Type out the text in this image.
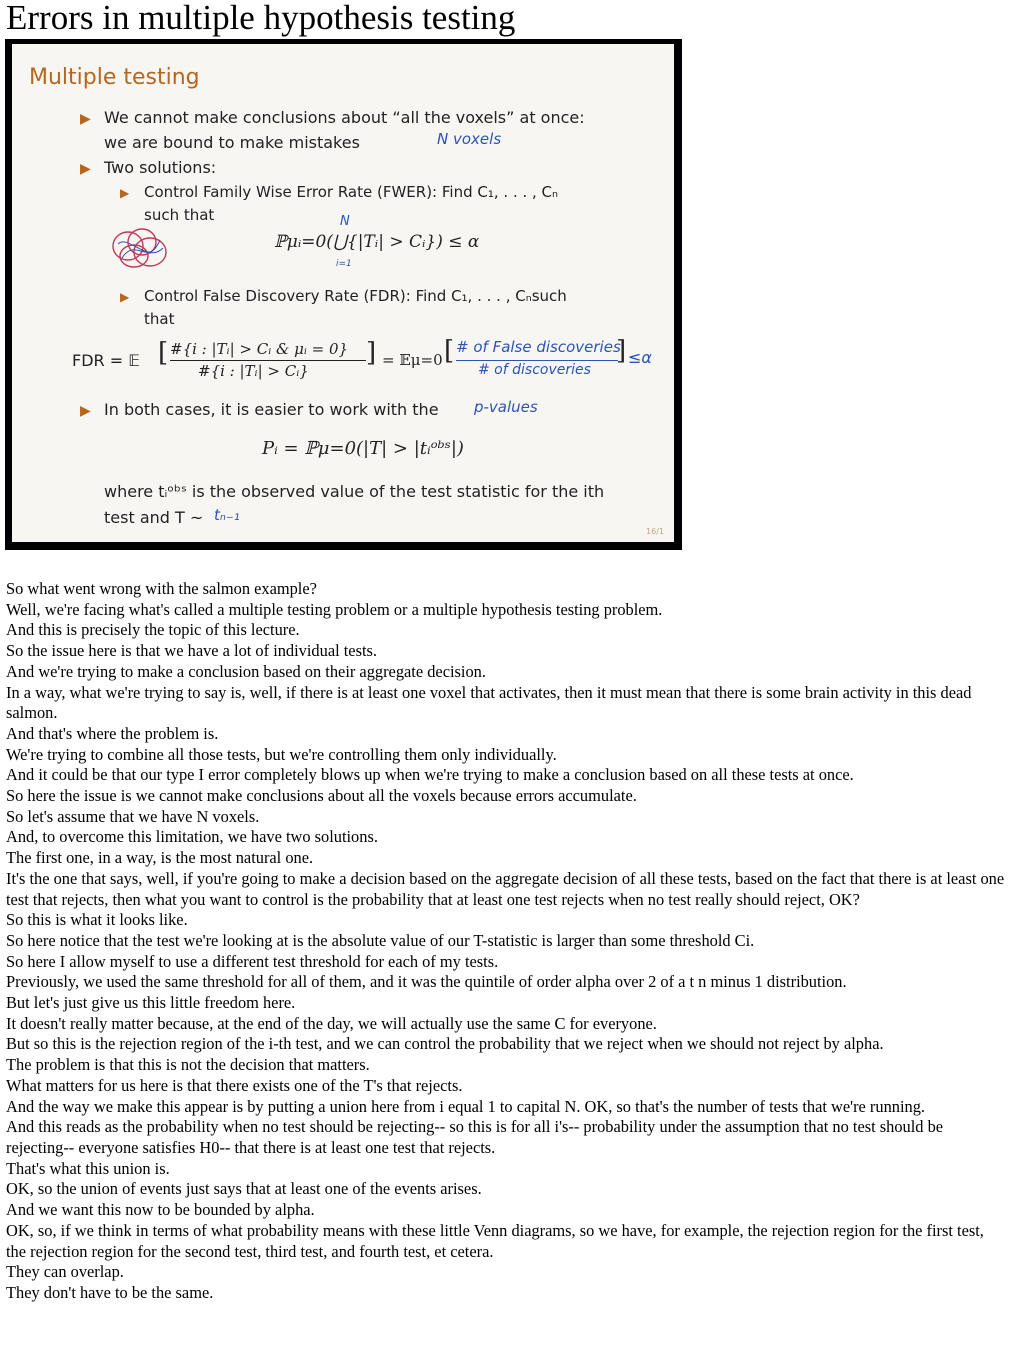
Errors in multiple hypothesis testing
Multiple testing
▶ We cannot make conclusions about “all the voxels” at once:
we are bound to make mistakes	N voxels
▶ Two solutions:
▶ Control Family Wise Error Rate (FWER): Find C₁, . . . , Cₙ
such that	N
ℙμᵢ=0(⋃{|Tᵢ| > Cᵢ}) ≤ α
i=1
▶ Control False Discovery Rate (FDR): Find C₁, . . . , Cₙsuch
that
FDR = 𝔼 [ #{i : |Tᵢ| > Cᵢ & μᵢ = 0}
#{i : |Tᵢ| > Cᵢ}
] = 𝔼μ=0 [ # of False discoveries
# of discoveries
] ≤α
▶ In both cases, it is easier to work with the p-values
Pᵢ = ℙμ=0(|T| > |tᵢᵒᵇˢ|)
where tᵢᵒᵇˢ is the observed value of the test statistic for the ith
test and T ~ tₙ₋₁
16/1
So what went wrong with the salmon example?
Well, we're facing what's called a multiple testing problem or a multiple hypothesis testing problem.
And this is precisely the topic of this lecture.
So the issue here is that we have a lot of individual tests.
And we're trying to make a conclusion based on their aggregate decision.
In a way, what we're trying to say is, well, if there is at least one voxel that activates, then it must mean that there is some brain activity in this dead salmon.
And that's where the problem is.
We're trying to combine all those tests, but we're controlling them only individually.
And it could be that our type I error completely blows up when we're trying to make a conclusion based on all these tests at once.
So here the issue is we cannot make conclusions about all the voxels because errors accumulate.
So let's assume that we have N voxels.
And, to overcome this limitation, we have two solutions.
The first one, in a way, is the most natural one.
It's the one that says, well, if you're going to make a decision based on the aggregate decision of all these tests, based on the fact that there is at least one test that rejects, then what you want to control is the probability that at least one test rejects when no test really should reject, OK?
So this is what it looks like.
So here notice that the test we're looking at is the absolute value of our T-statistic is larger than some threshold Ci.
So here I allow myself to use a different test threshold for each of my tests.
Previously, we used the same threshold for all of them, and it was the quintile of order alpha over 2 of a t n minus 1 distribution.
But let's just give us this little freedom here.
It doesn't really matter because, at the end of the day, we will actually use the same C for everyone.
But so this is the rejection region of the i-th test, and we can control the probability that we reject when we should not reject by alpha.
The problem is that this is not the decision that matters.
What matters for us here is that there exists one of the T's that rejects.
And the way we make this appear is by putting a union here from i equal 1 to capital N. OK, so that's the number of tests that we're running.
And this reads as the probability when no test should be rejecting-- so this is for all i's-- probability under the assumption that no test should be rejecting-- everyone satisfies H0-- that there is at least one test that rejects.
That's what this union is.
OK, so the union of events just says that at least one of the events arises.
And we want this now to be bounded by alpha.
OK, so, if we think in terms of what probability means with these little Venn diagrams, so we have, for example, the rejection region for the first test, the rejection region for the second test, third test, and fourth test, et cetera.
They can overlap.
They don't have to be the same.
